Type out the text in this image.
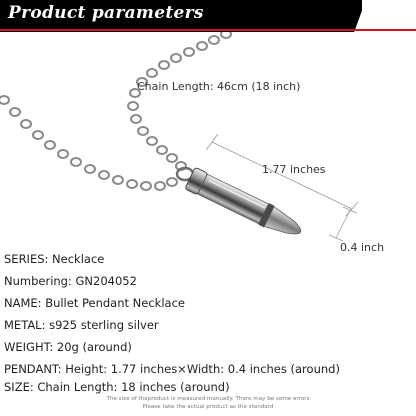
Product parameters
Chain Length: 46cm (18 inch)
1.77 inches
0.4 inch
SERIES: Necklace
Numbering: GN204052
NAME: Bullet Pendant Necklace
METAL: s925 sterling silver
WEIGHT: 20g (around)
PENDANT: Height: 1.77 inches×Width: 0.4 inches (around)
SIZE: Chain Length: 18 inches (around)
The size of theproduct is measured manually. There may be some errors
Please take the actual product as the standard
